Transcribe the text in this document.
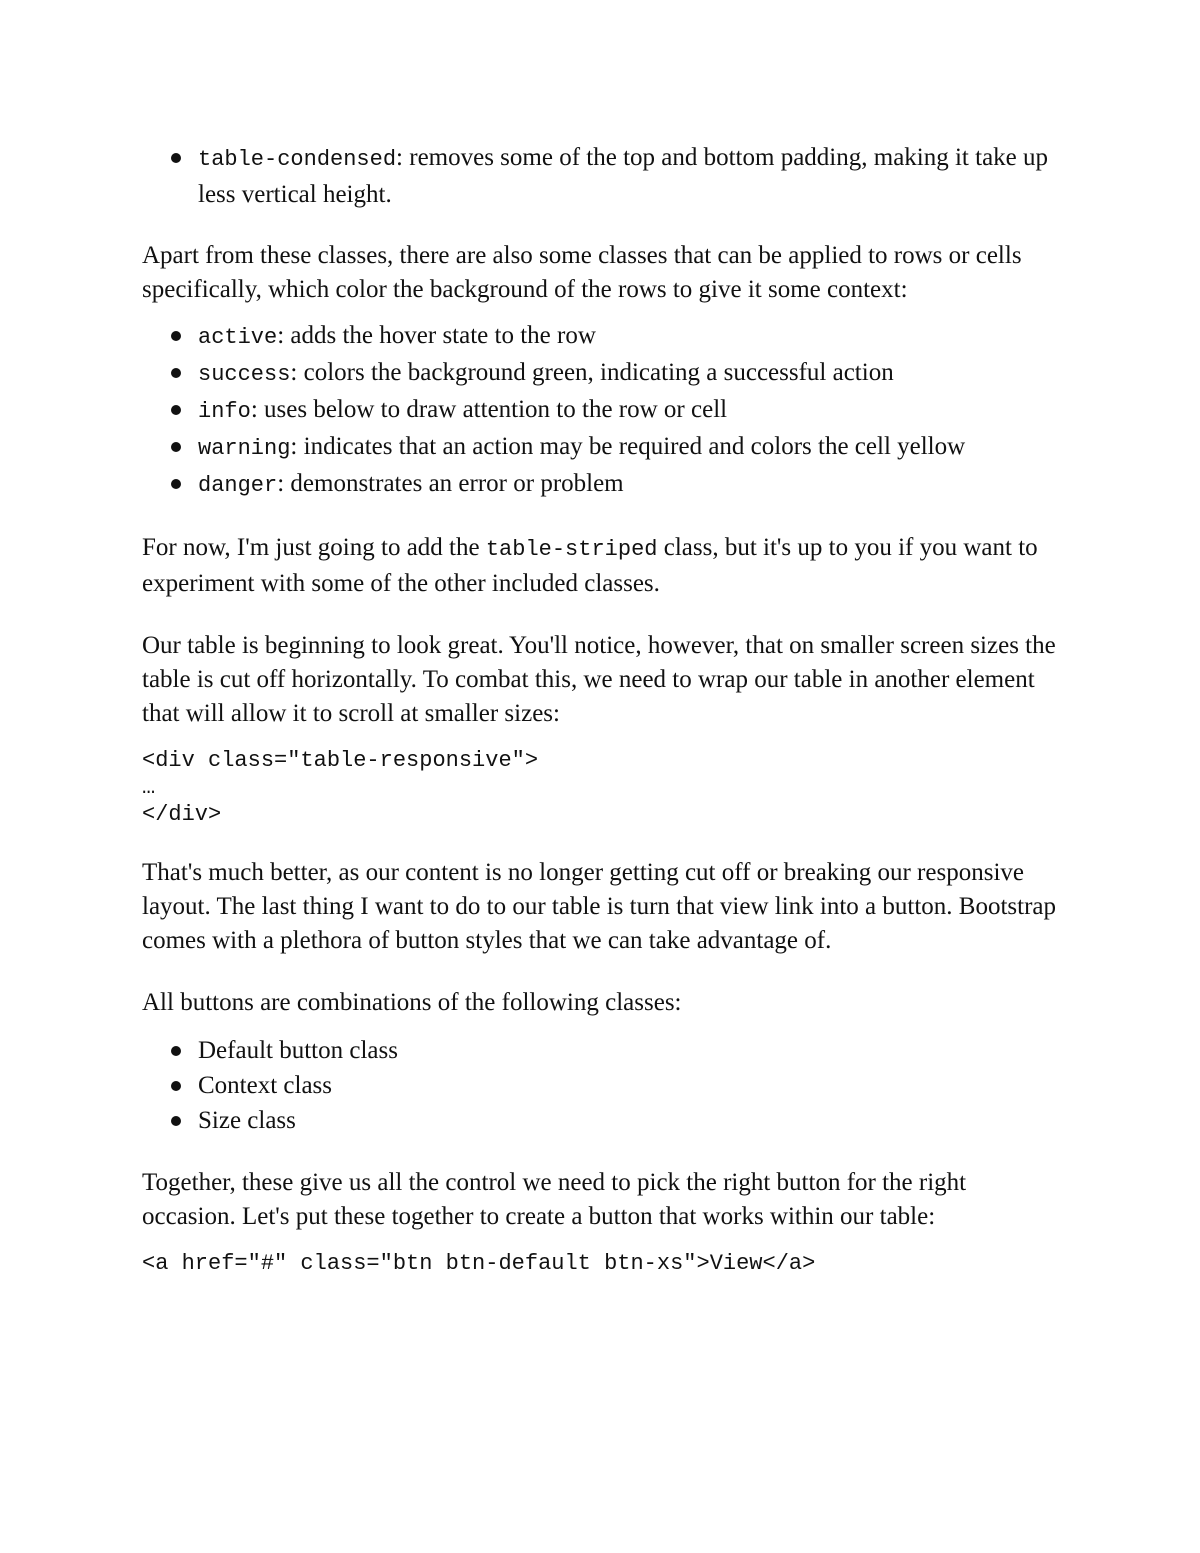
table-condensed: removes some of the top and bottom padding, making it take up less vertical height.

Apart from these classes, there are also some classes that can be applied to rows or cells specifically, which color the background of the rows to give it some context:

active: adds the hover state to the row
success: colors the background green, indicating a successful action
info: uses below to draw attention to the row or cell
warning: indicates that an action may be required and colors the cell yellow
danger: demonstrates an error or problem

For now, I'm just going to add the table-striped class, but it's up to you if you want to experiment with some of the other included classes.

Our table is beginning to look great. You'll notice, however, that on smaller screen sizes the table is cut off horizontally. To combat this, we need to wrap our table in another element that will allow it to scroll at smaller sizes:

<div class="table-responsive">
…
</div>

That's much better, as our content is no longer getting cut off or breaking our responsive layout. The last thing I want to do to our table is turn that view link into a button. Bootstrap comes with a plethora of button styles that we can take advantage of.

All buttons are combinations of the following classes:

Default button class
Context class
Size class

Together, these give us all the control we need to pick the right button for the right occasion. Let's put these together to create a button that works within our table:

<a href="#" class="btn btn-default btn-xs">View</a>
